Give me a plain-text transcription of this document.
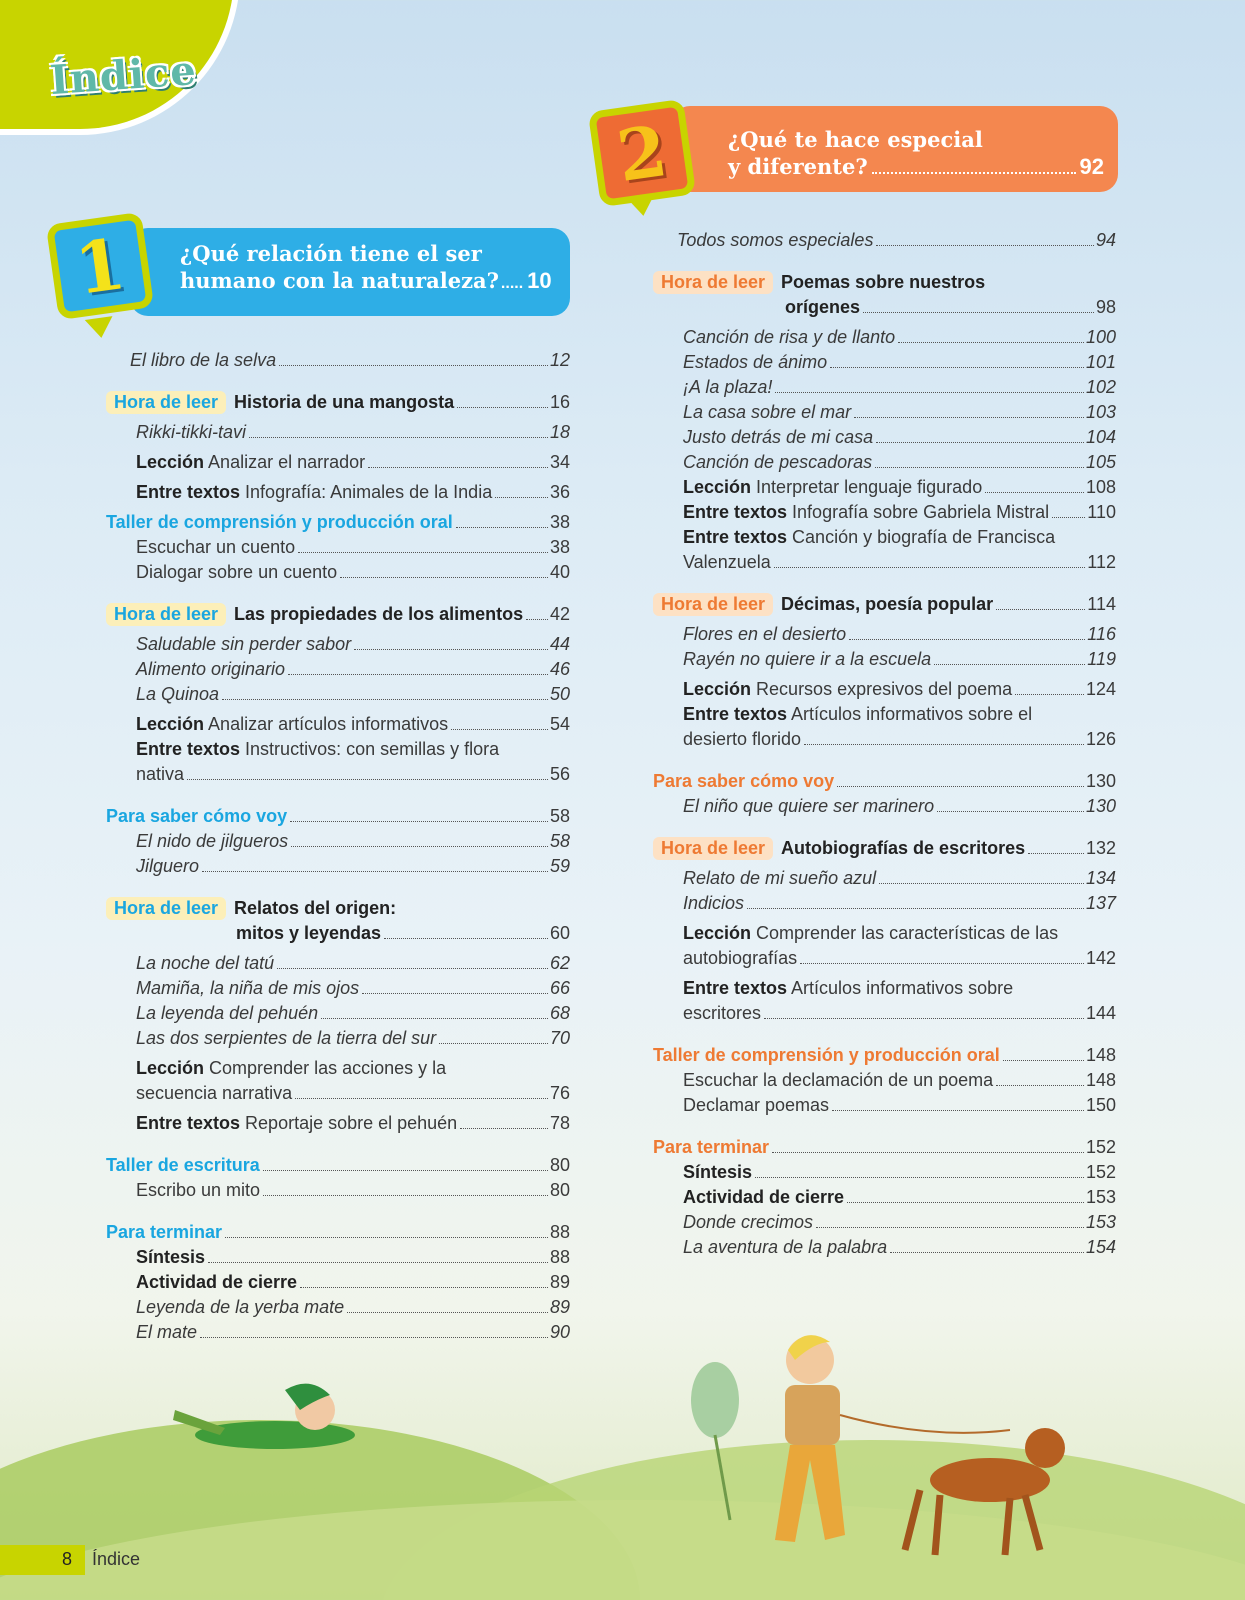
Índice
¿Qué relación tiene el ser
humano con la naturaleza? ..... 10
1
¿Qué te hace especial
y diferente?	92
2
El libro de la selva	12
Hora de leer Historia de una mangosta	16
Rikki-tikki-tavi	18
Lección Analizar el narrador	34
Entre textos Infografía: Animales de la India	36
Taller de comprensión y producción oral	38
Escuchar un cuento	38
Dialogar sobre un cuento	40
Hora de leer Las propiedades de los alimentos 42
Saludable sin perder sabor	44
Alimento originario	46
La Quinoa	50
Lección Analizar artículos informativos	54
Entre textos Instructivos: con semillas y flora
nativa	56
Para saber cómo voy	58
El nido de jilgueros	58
Jilguero	59
Hora de leer Relatos del origen:
mitos y leyendas	60
La noche del tatú	62
Mamiña, la niña de mis ojos	66
La leyenda del pehuén	68
Las dos serpientes de la tierra del sur	70
Lección Comprender las acciones y la
secuencia narrativa	76
Entre textos Reportaje sobre el pehuén	78
Taller de escritura	80
Escribo un mito	80
Para terminar	88
Síntesis	88
Actividad de cierre	89
Leyenda de la yerba mate	89
El mate	90
Todos somos especiales	94
Hora de leer Poemas sobre nuestros
orígenes	98
Canción de risa y de llanto	100
Estados de ánimo	101
¡A la plaza!	102
La casa sobre el mar	103
Justo detrás de mi casa	104
Canción de pescadoras	105
Lección Interpretar lenguaje figurado	108
Entre textos Infografía sobre Gabriela Mistral 110
Entre textos Canción y biografía de Francisca
Valenzuela	112
Hora de leer Décimas, poesía popular	114
Flores en el desierto	116
Rayén no quiere ir a la escuela	119
Lección Recursos expresivos del poema	124
Entre textos Artículos informativos sobre el
desierto florido	126
Para saber cómo voy	130
El niño que quiere ser marinero	130
Hora de leer Autobiografías de escritores	132
Relato de mi sueño azul	134
Indicios	137
Lección Comprender las características de las
autobiografías	142
Entre textos Artículos informativos sobre
escritores	144
Taller de comprensión y producción oral	148
Escuchar la declamación de un poema	148
Declamar poemas	150
Para terminar	152
Síntesis	152
Actividad de cierre	153
Donde crecimos	153
La aventura de la palabra	154
8 Índice
